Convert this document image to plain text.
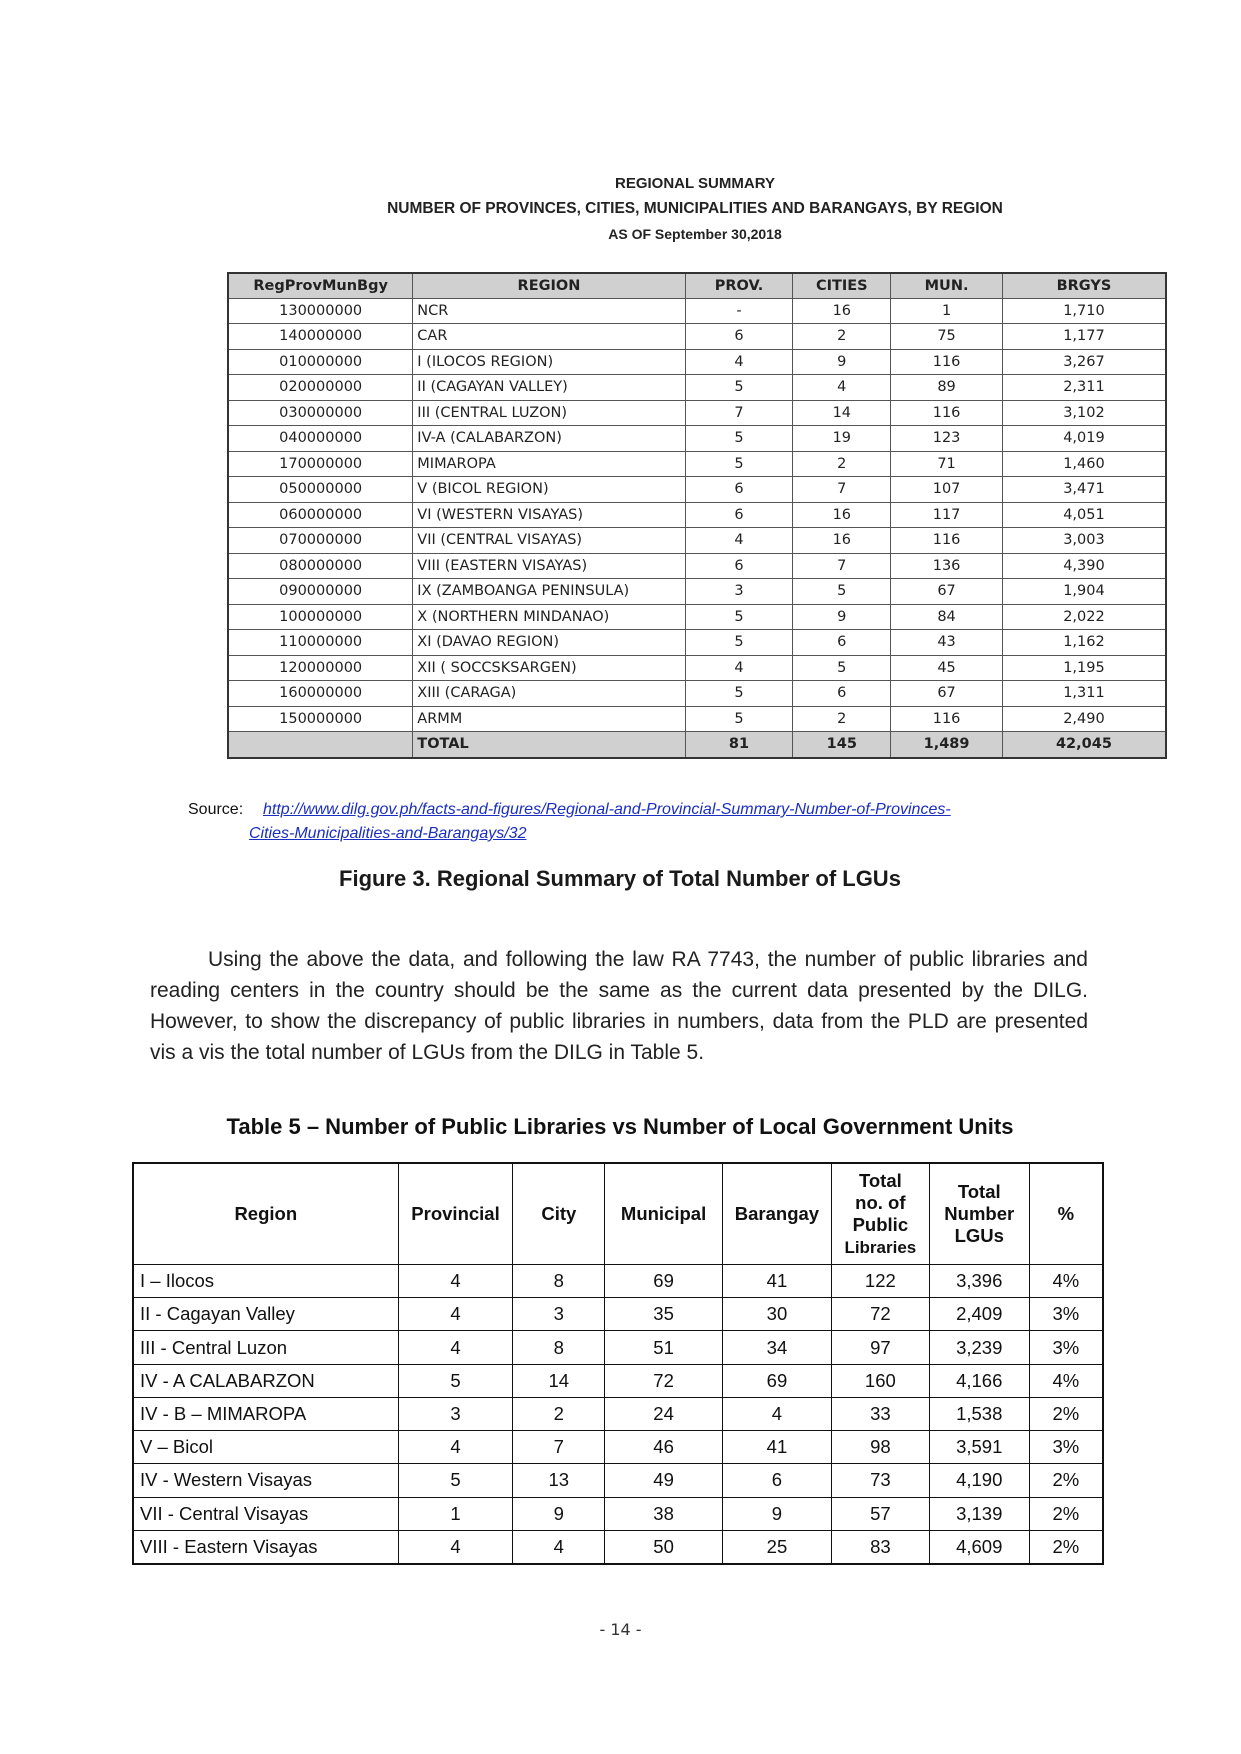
REGIONAL SUMMARY
NUMBER OF PROVINCES, CITIES, MUNICIPALITIES AND BARANGAYS, BY REGION
AS OF September 30,2018
RegProvMunBgy	REGION	PROV.	CITIES	MUN.	BRGYS
130000000	NCR	-	16	1	1,710
140000000	CAR	6	2	75	1,177
010000000	I (ILOCOS REGION)	4	9	116	3,267
020000000	II (CAGAYAN VALLEY)	5	4	89	2,311
030000000	III (CENTRAL LUZON)	7	14	116	3,102
040000000	IV-A (CALABARZON)	5	19	123	4,019
170000000	MIMAROPA	5	2	71	1,460
050000000	V (BICOL REGION)	6	7	107	3,471
060000000	VI (WESTERN VISAYAS)	6	16	117	4,051
070000000	VII (CENTRAL VISAYAS)	4	16	116	3,003
080000000	VIII (EASTERN VISAYAS)	6	7	136	4,390
090000000	IX (ZAMBOANGA PENINSULA)	3	5	67	1,904
100000000	X (NORTHERN MINDANAO)	5	9	84	2,022
110000000	XI (DAVAO REGION)	5	6	43	1,162
120000000	XII ( SOCCSKSARGEN)	4	5	45	1,195
160000000	XIII (CARAGA)	5	6	67	1,311
150000000	ARMM	5	2	116	2,490
	TOTAL	81	145	1,489	42,045
Source: http://www.dilg.gov.ph/facts-and-figures/Regional-and-Provincial-Summary-Number-of-Provinces-
Cities-Municipalities-and-Barangays/32
Figure 3. Regional Summary of Total Number of LGUs

Using the above the data, and following the law RA 7743, the number of public libraries and reading centers in the country should be the same as the current data presented by the DILG. However, to show the discrepancy of public libraries in numbers, data from the PLD are presented vis a vis the total number of LGUs from the DILG in Table 5.

Table 5 – Number of Public Libraries vs Number of Local Government Units
Region	Provincial	City	Municipal	Barangay	Total
no. of
Public
Libraries	Total
Number
LGUs	%
I – Ilocos	4	8	69	41	122	3,396	4%
II - Cagayan Valley	4	3	35	30	72	2,409	3%
III - Central Luzon	4	8	51	34	97	3,239	3%
IV - A CALABARZON	5	14	72	69	160	4,166	4%
IV - B – MIMAROPA	3	2	24	4	33	1,538	2%
V – Bicol	4	7	46	41	98	3,591	3%
IV - Western Visayas	5	13	49	6	73	4,190	2%
VII - Central Visayas	1	9	38	9	57	3,139	2%
VIII - Eastern Visayas	4	4	50	25	83	4,609	2%
- 14 -
